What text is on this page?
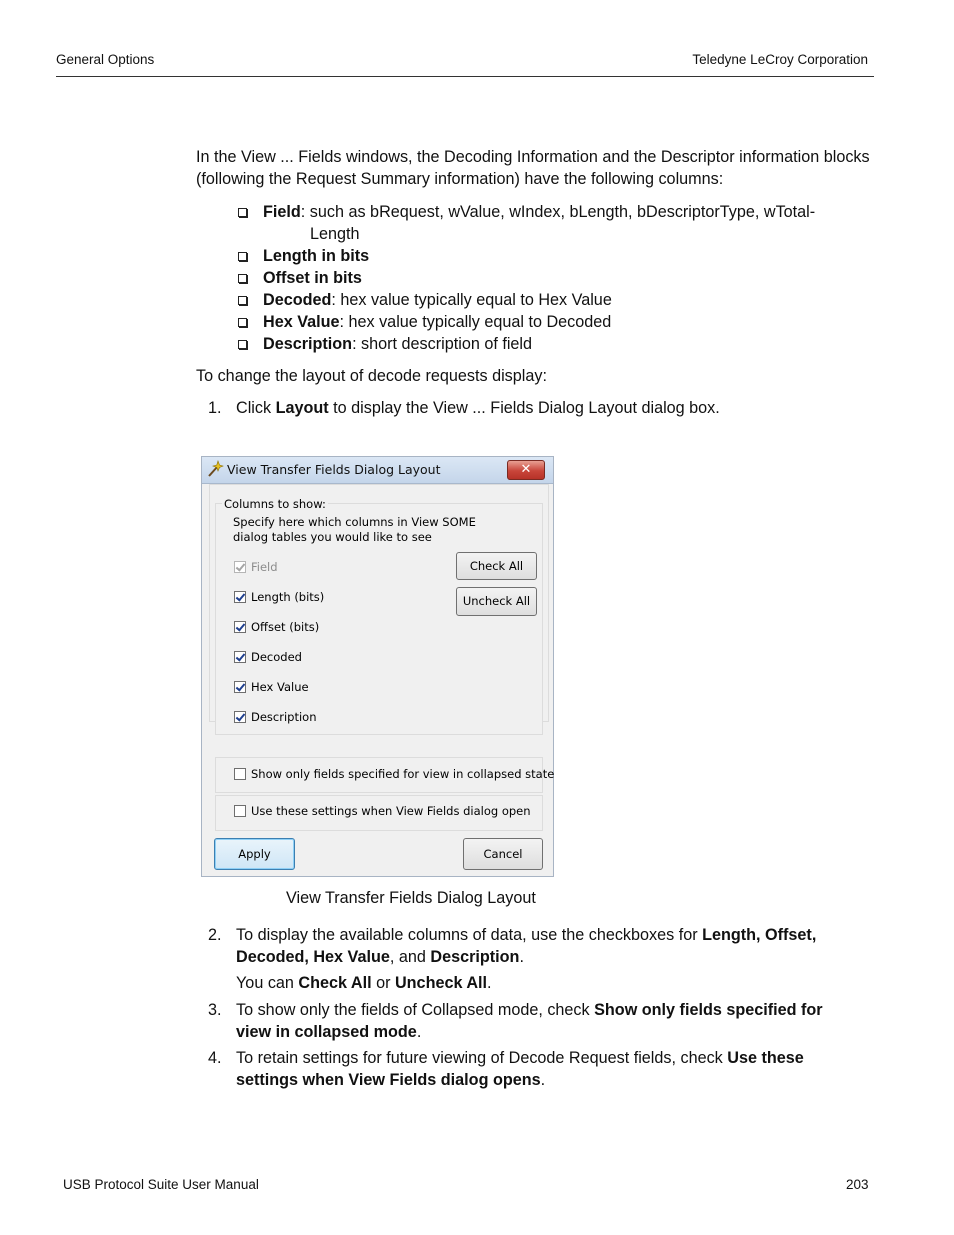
General Options	Teledyne LeCroy Corporation
In the View ... Fields windows, the Decoding Information and the Descriptor information blocks (following the Request Summary information) have the following columns:
Field: such as bRequest, wValue, wIndex, bLength, bDescriptorType, wTotal-
Length
Length in bits
Offset in bits
Decoded: hex value typically equal to Hex Value
Hex Value: hex value typically equal to Decoded
Description: short description of field
To change the layout of decode requests display:
1. Click Layout to display the View ... Fields Dialog Layout dialog box.
View Transfer Fields Dialog Layout	✕
Columns to show:
Specify here which columns in View SOME dialog tables you would like to see
Field
Length (bits)
Offset (bits)
Decoded
Hex Value
Description
Check All
Uncheck All
Show only fields specified for view in collapsed state
Use these settings when View Fields dialog open
Apply	Cancel
View Transfer Fields Dialog Layout
2. To display the available columns of data, use the checkboxes for Length, Offset, Decoded, Hex Value, and Description.
You can Check All or Uncheck All.
3. To show only the fields of Collapsed mode, check Show only fields specified for view in collapsed mode.
4. To retain settings for future viewing of Decode Request fields, check Use these settings when View Fields dialog opens.
USB Protocol Suite User Manual	203
